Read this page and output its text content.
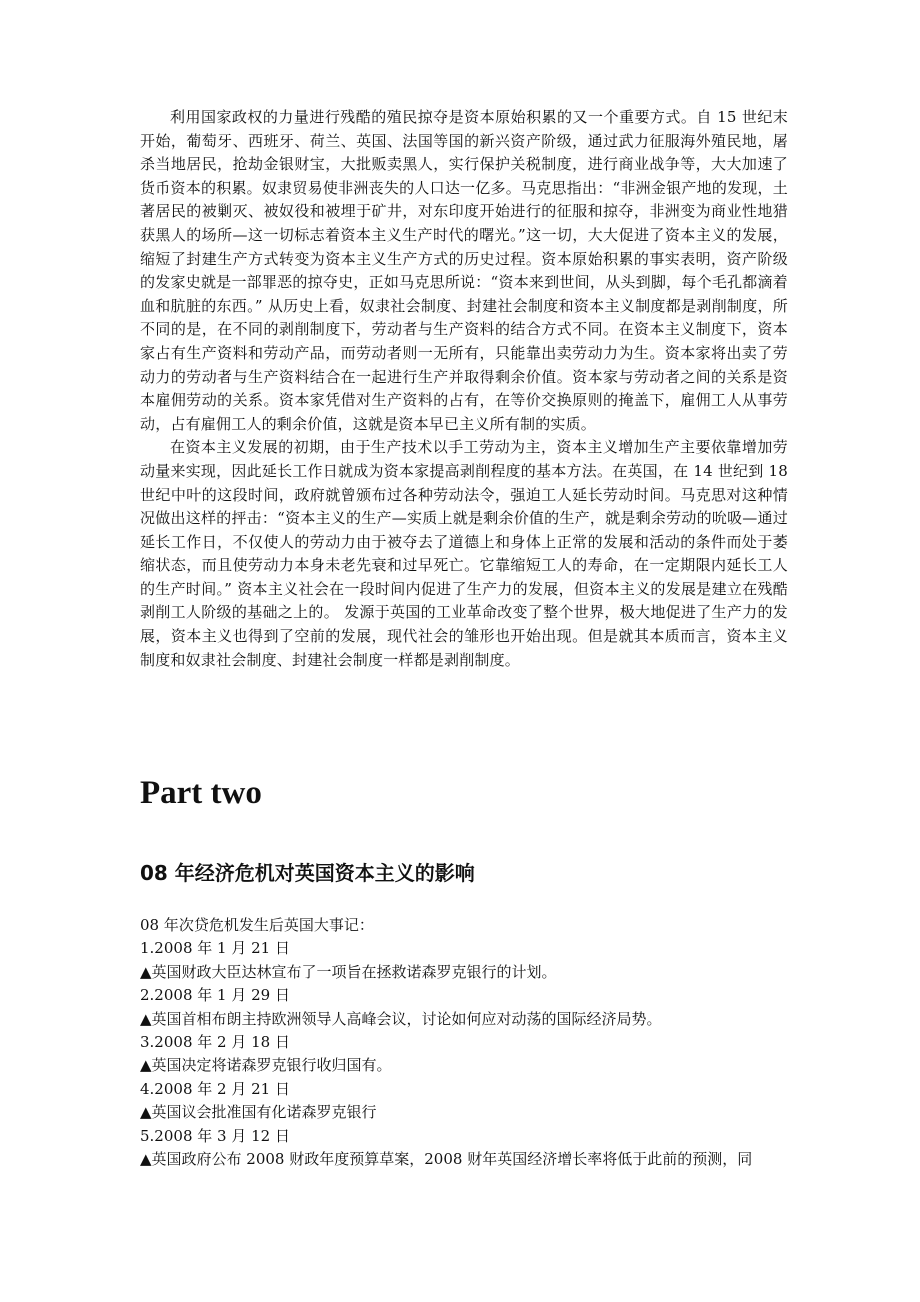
利用国家政权的力量进行残酷的殖民掠夺是资本原始积累的又一个重要方式。自 15 世纪末开始，葡萄牙、西班牙、荷兰、英国、法国等国的新兴资产阶级，通过武力征服海外殖民地，屠杀当地居民，抢劫金银财宝，大批贩卖黑人，实行保护关税制度，进行商业战争等，大大加速了货币资本的积累。奴隶贸易使非洲丧失的人口达一亿多。马克思指出：“非洲金银产地的发现，土著居民的被剿灭、被奴役和被埋于矿井，对东印度开始进行的征服和掠夺，非洲变为商业性地猎获黑人的场所—这一切标志着资本主义生产时代的曙光。”这一切，大大促进了资本主义的发展，缩短了封建生产方式转变为资本主义生产方式的历史过程。资本原始积累的事实表明，资产阶级的发家史就是一部罪恶的掠夺史，正如马克思所说：“资本来到世间，从头到脚，每个毛孔都滴着血和肮脏的东西。” 从历史上看，奴隶社会制度、封建社会制度和资本主义制度都是剥削制度，所不同的是，在不同的剥削制度下，劳动者与生产资料的结合方式不同。在资本主义制度下，资本家占有生产资料和劳动产品，而劳动者则一无所有，只能靠出卖劳动力为生。资本家将出卖了劳动力的劳动者与生产资料结合在一起进行生产并取得剩余价值。资本家与劳动者之间的关系是资本雇佣劳动的关系。资本家凭借对生产资料的占有，在等价交换原则的掩盖下，雇佣工人从事劳动，占有雇佣工人的剩余价值，这就是资本早已主义所有制的实质。

在资本主义发展的初期，由于生产技术以手工劳动为主，资本主义增加生产主要依靠增加劳动量来实现，因此延长工作日就成为资本家提高剥削程度的基本方法。在英国，在 14 世纪到 18 世纪中叶的这段时间，政府就曾颁布过各种劳动法令，强迫工人延长劳动时间。马克思对这种情况做出这样的抨击：“资本主义的生产—实质上就是剩余价值的生产，就是剩余劳动的吮吸—通过延长工作日，不仅使人的劳动力由于被夺去了道德上和身体上正常的发展和活动的条件而处于萎缩状态，而且使劳动力本身未老先衰和过早死亡。它靠缩短工人的寿命，在一定期限内延长工人的生产时间。” 资本主义社会在一段时间内促进了生产力的发展，但资本主义的发展是建立在残酷剥削工人阶级的基础之上的。 发源于英国的工业革命改变了整个世界，极大地促进了生产力的发展，资本主义也得到了空前的发展，现代社会的雏形也开始出现。但是就其本质而言，资本主义制度和奴隶社会制度、封建社会制度一样都是剥削制度。

Part two
08 年经济危机对英国资本主义的影响

08 年次贷危机发生后英国大事记：

1.2008 年 1 月 21 日

▲英国财政大臣达林宣布了一项旨在拯救诺森罗克银行的计划。

2.2008 年 1 月 29 日

▲英国首相布朗主持欧洲领导人高峰会议，讨论如何应对动荡的国际经济局势。

3.2008 年 2 月 18 日

▲英国决定将诺森罗克银行收归国有。

4.2008 年 2 月 21 日

▲英国议会批准国有化诺森罗克银行

5.2008 年 3 月 12 日

▲英国政府公布 2008 财政年度预算草案，2008 财年英国经济增长率将低于此前的预测，同
